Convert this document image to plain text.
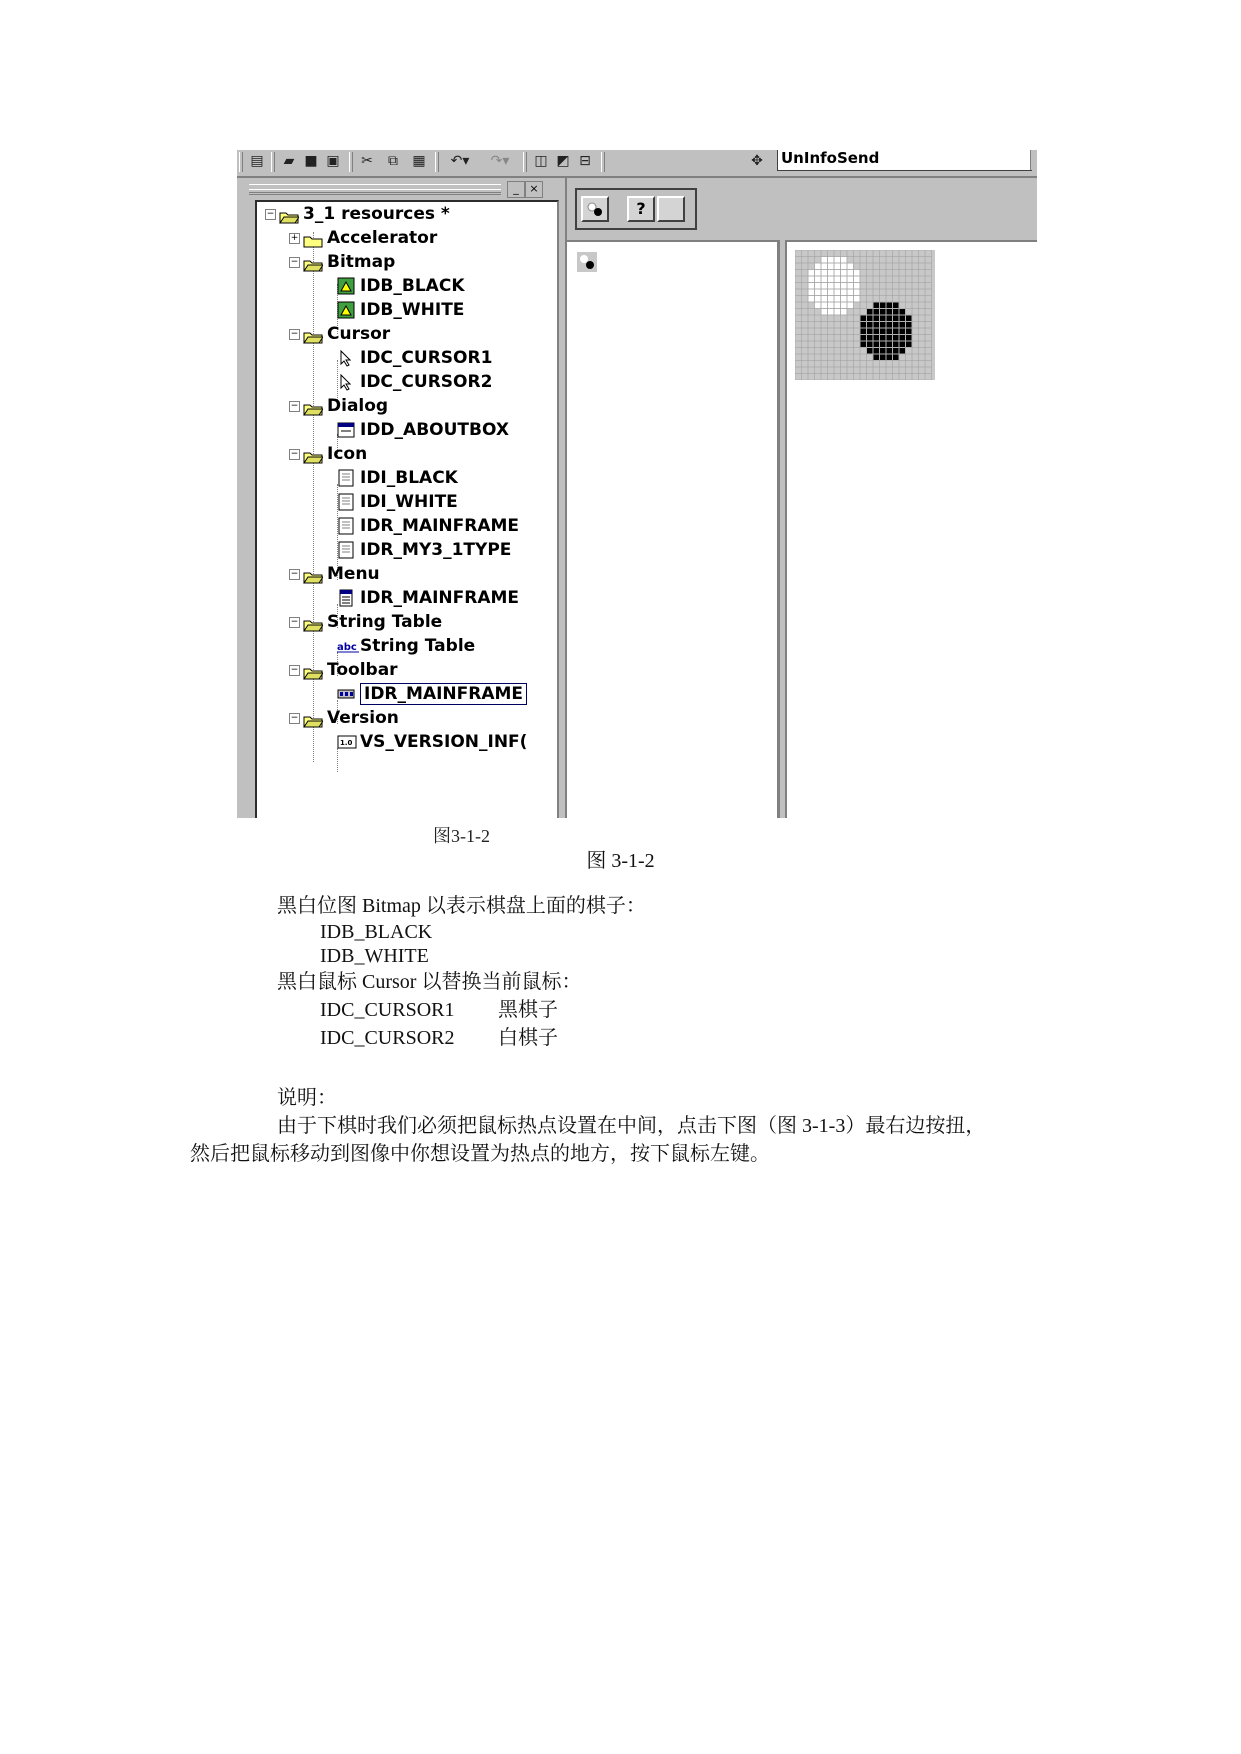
▤	▰ ■ ▣ ✂	⧉	▦	↶▾	↷▾	◫ ◩ ⊟	✥ UnInfoSend
_ ×
− 3_1 resources *
+ Accelerator
− Bitmap
IDB_BLACK
IDB_WHITE
− Cursor
IDC_CURSOR1
IDC_CURSOR2
− Dialog
IDD_ABOUTBOX
− Icon
IDI_BLACK
IDI_WHITE
IDR_MAINFRAME
IDR_MY3_1TYPE
− Menu
IDR_MAINFRAME
− String Table
abc String Table
− Toolbar
IDR_MAINFRAME
− Version
1.0 VS_VERSION_INF(
?
图3-1-2
图 3-1-2
黑白位图 Bitmap 以表示棋盘上面的棋子：
IDB_BLACK
IDB_WHITE
黑白鼠标 Cursor 以替换当前鼠标：
IDC_CURSOR1 黑棋子
IDC_CURSOR2 白棋子
说明：
由于下棋时我们必须把鼠标热点设置在中间，点击下图（图 3-1-3）最右边按扭，
然后把鼠标移动到图像中你想设置为热点的地方，按下鼠标左键。
